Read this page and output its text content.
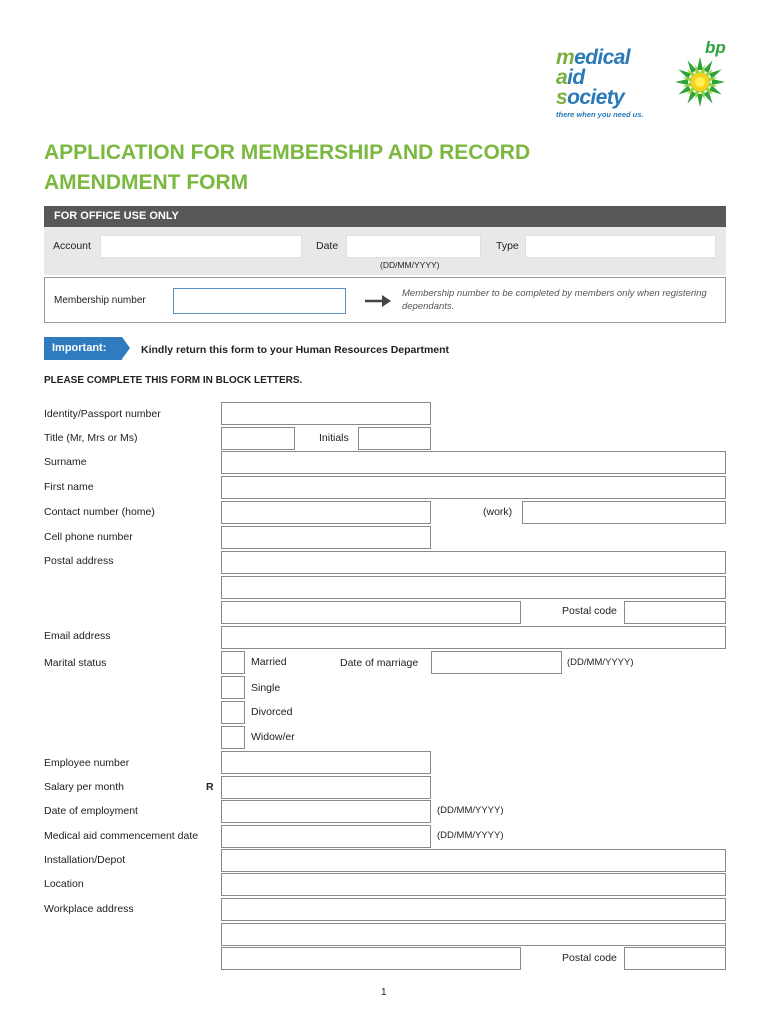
medical
aid
society
there when you need us.
bp
APPLICATION FOR MEMBERSHIP AND RECORD AMENDMENT FORM
FOR OFFICE USE ONLY
Account	Date
(DD/MM/YYYY)
Type
Membership number
Membership number to be completed by members only when registering dependants.
Important:	Kindly return this form to your Human Resources Department
PLEASE COMPLETE THIS FORM IN BLOCK LETTERS.
Identity/Passport number
Title (Mr, Mrs or Ms)	Initials
Surname
First name
Contact number (home)	(work)
Cell phone number
Postal address
Postal code
Email address
Marital status	Married	Date of marriage	(DD/MM/YYYY)
Single
Divorced
Widow/er
Employee number
Salary per month	R
Date of employment	(DD/MM/YYYY)
Medical aid commencement date	(DD/MM/YYYY)
Installation/Depot
Location
Workplace address
Postal code
1
